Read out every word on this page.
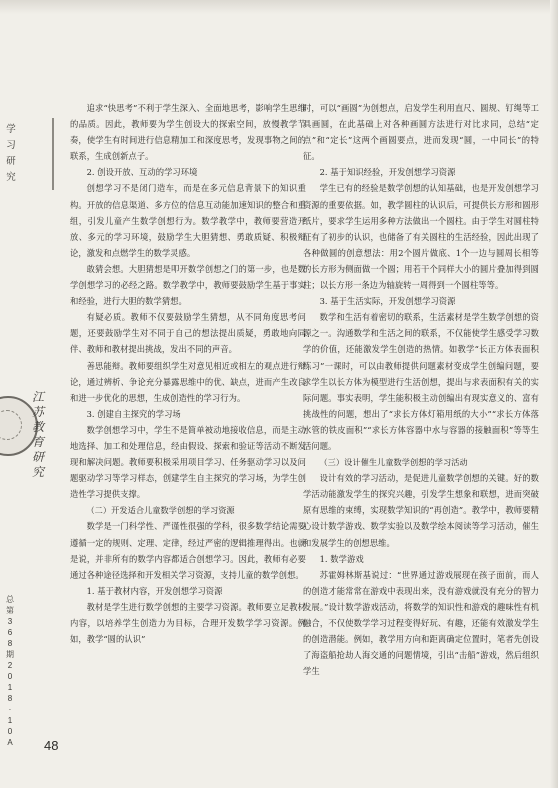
学
习
研
究
江
苏
教
育
研
究
总
第
3
6
8
期
2
0
1
8
·
1
0
A	48

追求“快思考”不利于学生深入、全面地思考，影响学生思维的品质。因此，教师要为学生创设大的探索空间，放慢教学节奏，使学生有时间进行信息精加工和深度思考，发现事物之间的联系，生成创新点子。

2. 创设开放、互动的学习环境

创想学习不是闭门造车，而是在多元信息背景下的知识重构。开放的信息渠道、多方位的信息互动能加速知识的整合和重组，引发儿童产生数学创想行为。数学教学中，教师要营造开放、多元的学习环境，鼓励学生大胆猜想、勇敢质疑、积极辩论，激发和点燃学生的数学灵感。

敢猜会想。大胆猜想是叩开数学创想之门的第一步，也是数学创想学习的必经之路。数学教学中，教师要鼓励学生基于事实和经验，进行大胆的数学猜想。

有疑必质。教师不仅要鼓励学生猜想，从不同角度思考问题，还要鼓励学生对不同于自己的想法提出质疑，勇敢地向同伴、教师和教材提出挑战，发出不同的声音。

善思能辩。教师要组织学生对意见相近或相左的观点进行辩论，通过辨析、争论充分暴露思维中的优、缺点，进而产生改良和进一步优化的思想，生成创造性的学习行为。

3. 创建自主探究的学习场

数学创想学习中，学生不是简单被动地接收信息，而是主动地选择、加工和处理信息，经由假设、探索和验证等活动不断发现和解决问题。教师要积极采用项目学习、任务驱动学习以及问题驱动学习等学习样态，创建学生自主探究的学习场，为学生创造性学习提供支撑。

（二）开发适合儿童数学创想的学习资源

数学是一门科学性、严谨性很强的学科，很多数学结论需要遵循一定的规则、定理、定律，经过严密的逻辑推理得出。也就是说，并非所有的数学内容都适合创想学习。因此，教师有必要通过各种途径选择和开发相关学习资源，支持儿童的数学创想。

1. 基于教材内容，开发创想学习资源

教材是学生进行数学创想的主要学习资源。教师要立足教材内容，以培养学生创造力为目标，合理开发数学学习资源。例如，教学“圆的认识”

时，可以“画圆”为创想点，启发学生利用直尺、圆规、钉绳等工具画圆，在此基础上对各种画圆方法进行对比求同，总结“定点”和“定长”这两个画圆要点，进而发现“圆，一中同长”的特征。

2. 基于知识经验，开发创想学习资源

学生已有的经验是数学创想的认知基础，也是开发创想学习资源的重要依据。如，教学圆柱的认识后，可提供长方形和圆形纸片，要求学生运用多种方法做出一个圆柱。由于学生对圆柱特征有了初步的认识，也储备了有关圆柱的生活经验，因此出现了各种做圆的创意想法：用2个圆片做底、1个一边与圆周长相等的长方形为侧面做一个圆；用若干个同样大小的圆片叠加得到圆柱；以长方形一条边为轴旋转一周得到一个圆柱等等。

3. 基于生活实际，开发创想学习资源

数学和生活有着密切的联系，生活素材是学生数学创想的资源之一。沟通数学和生活之间的联系，不仅能使学生感受学习数学的价值，还能激发学生创造的热情。如教学“长正方体表面积练习”一课时，可以由教师提供问题素材变成学生创编问题，要求学生以长方体为模型进行生活创想，提出与求表面积有关的实际问题。事实表明，学生能积极主动创编出有现实意义的、富有挑战性的问题，想出了“求长方体灯箱用纸的大小”“求长方体落水管的铁皮面积”“求长方体容器中水与容器的接触面积”等等生活问题。

（三）设计催生儿童数学创想的学习活动

设计有效的学习活动，是促进儿童数学创想的关键。好的数学活动能激发学生的探究兴趣，引发学生想象和联想，进而突破原有思维的束缚，实现数学知识的“再创造”。教学中，教师要精心设计数学游戏、数学实验以及数学绘本阅读等学习活动，催生和发展学生的创想思维。

1. 数学游戏

苏霍姆林斯基说过：“世界通过游戏展现在孩子面前，而人的创造才能常常在游戏中表现出来，没有游戏就没有充分的智力发展。”设计数学游戏活动，将数学的知识性和游戏的趣味性有机融合，不仅使数学学习过程变得好玩、有趣，还能有效激发学生的创造潜能。例如，教学用方向和距离确定位置时，笔者先创设了海盗船抢劫人海交通的问题情境，引出“击船”游戏，然后组织学生
